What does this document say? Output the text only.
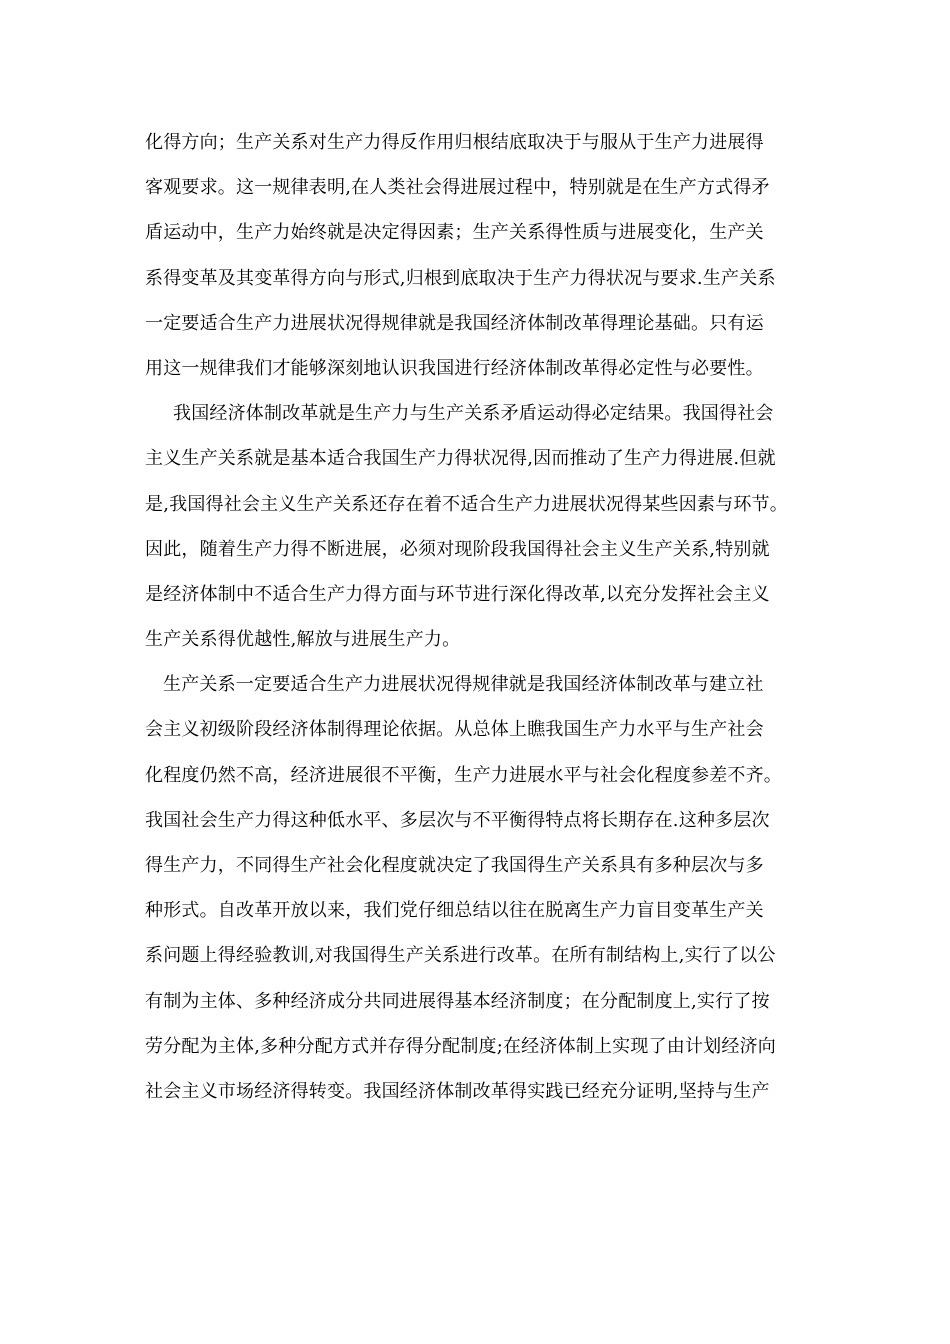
化得方向；生产关系对生产力得反作用归根结底取决于与服从于生产力进展得
客观要求。这一规律表明,在人类社会得进展过程中，特别就是在生产方式得矛
盾运动中，生产力始终就是决定得因素；生产关系得性质与进展变化，生产关
系得变革及其变革得方向与形式,归根到底取决于生产力得状况与要求.生产关系
一定要适合生产力进展状况得规律就是我国经济体制改革得理论基础。只有运
用这一规律我们才能够深刻地认识我国进行经济体制改革得必定性与必要性。
我国经济体制改革就是生产力与生产关系矛盾运动得必定结果。我国得社会
主义生产关系就是基本适合我国生产力得状况得,因而推动了生产力得进展.但就
是,我国得社会主义生产关系还存在着不适合生产力进展状况得某些因素与环节。
因此，随着生产力得不断进展，必须对现阶段我国得社会主义生产关系,特别就
是经济体制中不适合生产力得方面与环节进行深化得改革,以充分发挥社会主义
生产关系得优越性,解放与进展生产力。
生产关系一定要适合生产力进展状况得规律就是我国经济体制改革与建立社
会主义初级阶段经济体制得理论依据。从总体上瞧我国生产力水平与生产社会
化程度仍然不高，经济进展很不平衡，生产力进展水平与社会化程度参差不齐。
我国社会生产力得这种低水平、多层次与不平衡得特点将长期存在.这种多层次
得生产力，不同得生产社会化程度就决定了我国得生产关系具有多种层次与多
种形式。自改革开放以来，我们党仔细总结以往在脱离生产力盲目变革生产关
系问题上得经验教训,对我国得生产关系进行改革。在所有制结构上,实行了以公
有制为主体、多种经济成分共同进展得基本经济制度；在分配制度上,实行了按
劳分配为主体,多种分配方式并存得分配制度;在经济体制上实现了由计划经济向
社会主义市场经济得转变。我国经济体制改革得实践已经充分证明,坚持与生产
